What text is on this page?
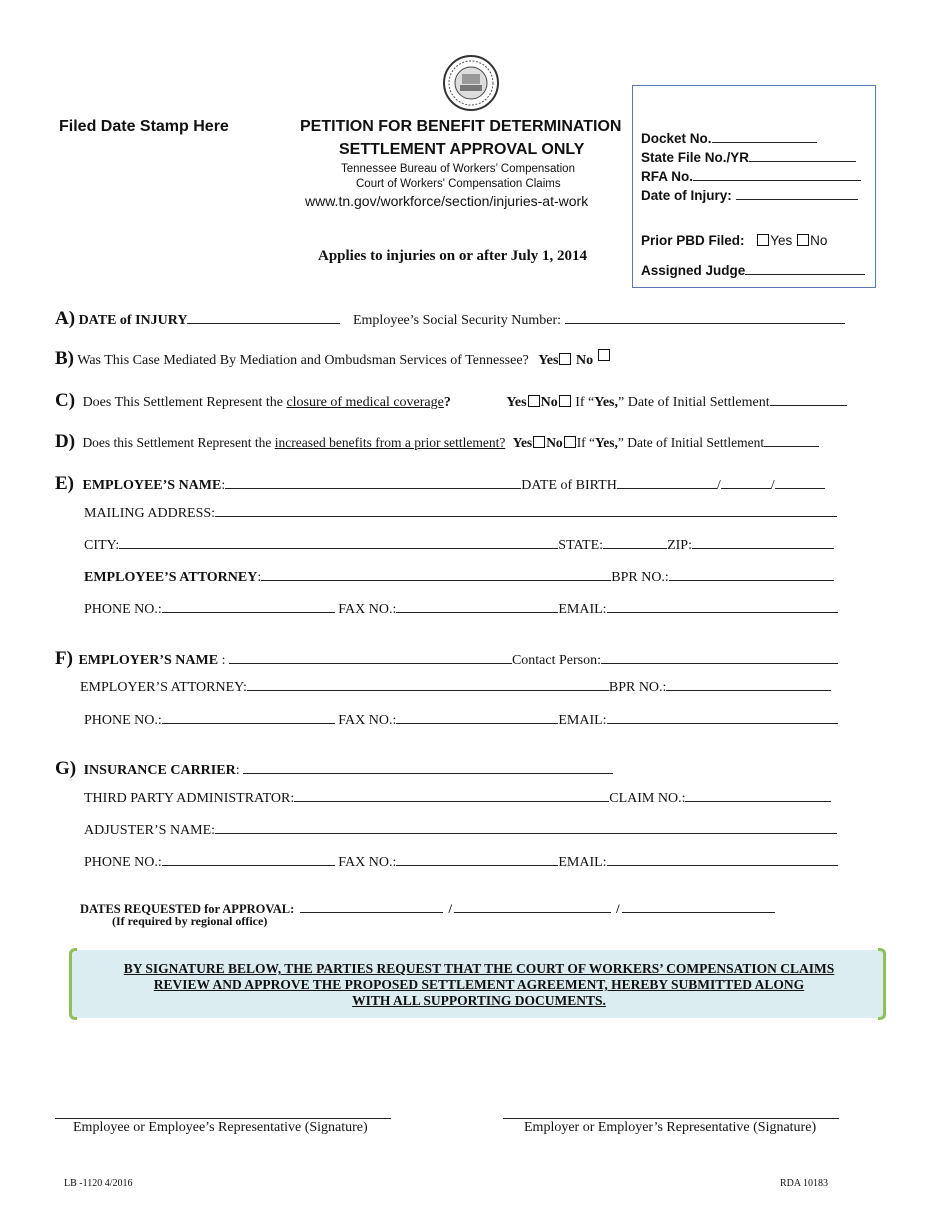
Filed Date Stamp Here	PETITION FOR BENEFIT DETERMINATION
SETTLEMENT APPROVAL ONLY
Tennessee Bureau of Workers’ Compensation
Court of Workers' Compensation Claims
www.tn.gov/workforce/section/injuries-at-work
Applies to injuries on or after July 1, 2014
Docket No.
State File No./YR
RFA No.
Date of Injury:
Prior PBD Filed: Yes No
Assigned Judge
A) DATE of INJURY	Employee’s Social Security Number:
B) Was This Case Mediated By Mediation and Ombudsman Services of Tennessee? Yes No
C) Does This Settlement Represent the closure of medical coverage?	Yes No If “Yes,” Date of Initial Settlement
D) Does this Settlement Represent the increased benefits from a prior settlement? Yes No If “Yes,” Date of Initial Settlement
E) EMPLOYEE’S NAME:	DATE of BIRTH	/	/
MAILING ADDRESS:
CITY:	STATE:	ZIP:
EMPLOYEE’S ATTORNEY:	BPR NO.:
PHONE NO.:	FAX NO.:	EMAIL:
F) EMPLOYER’S NAME :	Contact Person:
EMPLOYER’S ATTORNEY:	BPR NO.:
PHONE NO.:	FAX NO.:	EMAIL:
G) INSURANCE CARRIER:
THIRD PARTY ADMINISTRATOR:	CLAIM NO.:
ADJUSTER’S NAME:
PHONE NO.:	FAX NO.:	EMAIL:
DATES REQUESTED for APPROVAL:	/	/
(If required by regional office)
BY SIGNATURE BELOW, THE PARTIES REQUEST THAT THE COURT OF WORKERS’ COMPENSATION CLAIMS
REVIEW AND APPROVE THE PROPOSED SETTLEMENT AGREEMENT, HEREBY SUBMITTED ALONG
WITH ALL SUPPORTING DOCUMENTS.
Employee or Employee’s Representative (Signature)	Employer or Employer’s Representative (Signature)
LB -1120 4/2016	RDA 10183
